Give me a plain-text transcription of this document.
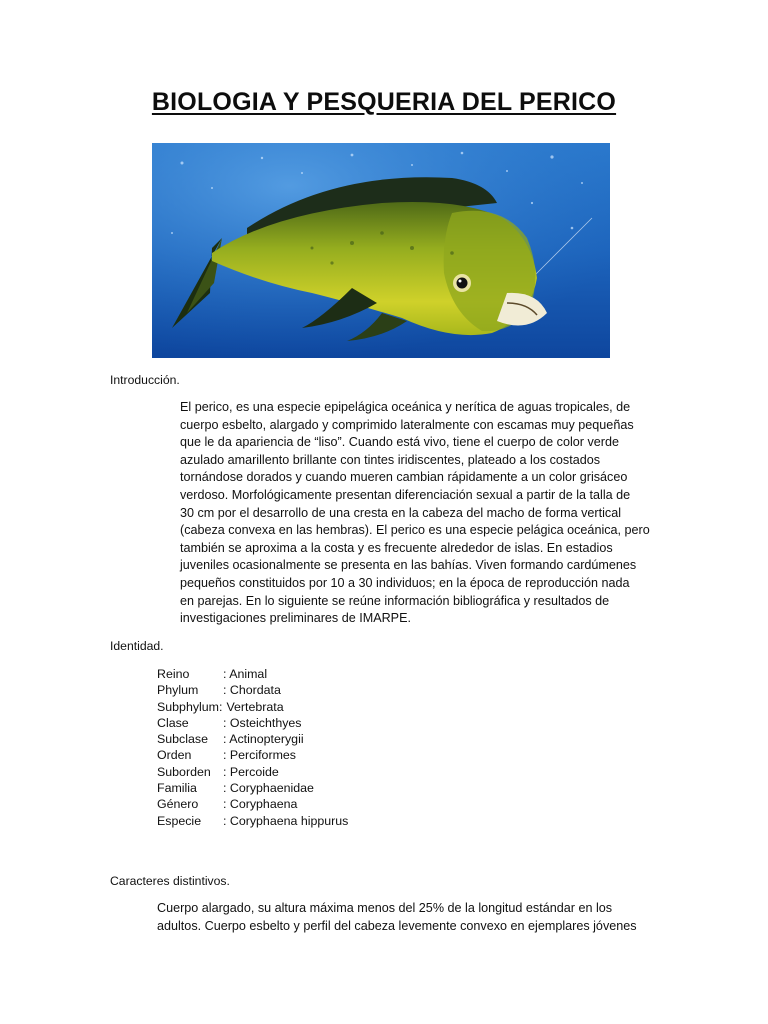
BIOLOGIA Y PESQUERIA DEL PERICO
Introducción.
El perico, es una especie epipelágica oceánica y nerítica de aguas tropicales, de
cuerpo esbelto, alargado y comprimido lateralmente con escamas muy pequeñas
que le da apariencia de “liso”. Cuando está vivo, tiene el cuerpo de color verde
azulado amarillento brillante con tintes iridiscentes, plateado a los costados
tornándose dorados y cuando mueren cambian rápidamente a un color grisáceo
verdoso. Morfológicamente presentan diferenciación sexual a partir de la talla de
30 cm por el desarrollo de una cresta en la cabeza del macho de forma vertical
(cabeza convexa en las hembras). El perico es una especie pelágica oceánica, pero
también se aproxima a la costa y es frecuente alrededor de islas. En estadios
juveniles ocasionalmente se presenta en las bahías. Viven formando cardúmenes
pequeños constituidos por 10 a 30 individuos; en la época de reproducción nada
en parejas. En lo siguiente se reúne información bibliográfica y resultados de
investigaciones preliminares de IMARPE.
Identidad.
Reino	: Animal
Phylum	: Chordata
Subphylum: Vertebrata
Clase	: Osteichthyes
Subclase	: Actinopterygii
Orden	: Perciformes
Suborden : Percoide
Familia	: Coryphaenidae
Género	: Coryphaena
Especie	: Coryphaena hippurus
Caracteres distintivos.
Cuerpo alargado, su altura máxima menos del 25% de la longitud estándar en los
adultos. Cuerpo esbelto y perfil del cabeza levemente convexo en ejemplares jóvenes
